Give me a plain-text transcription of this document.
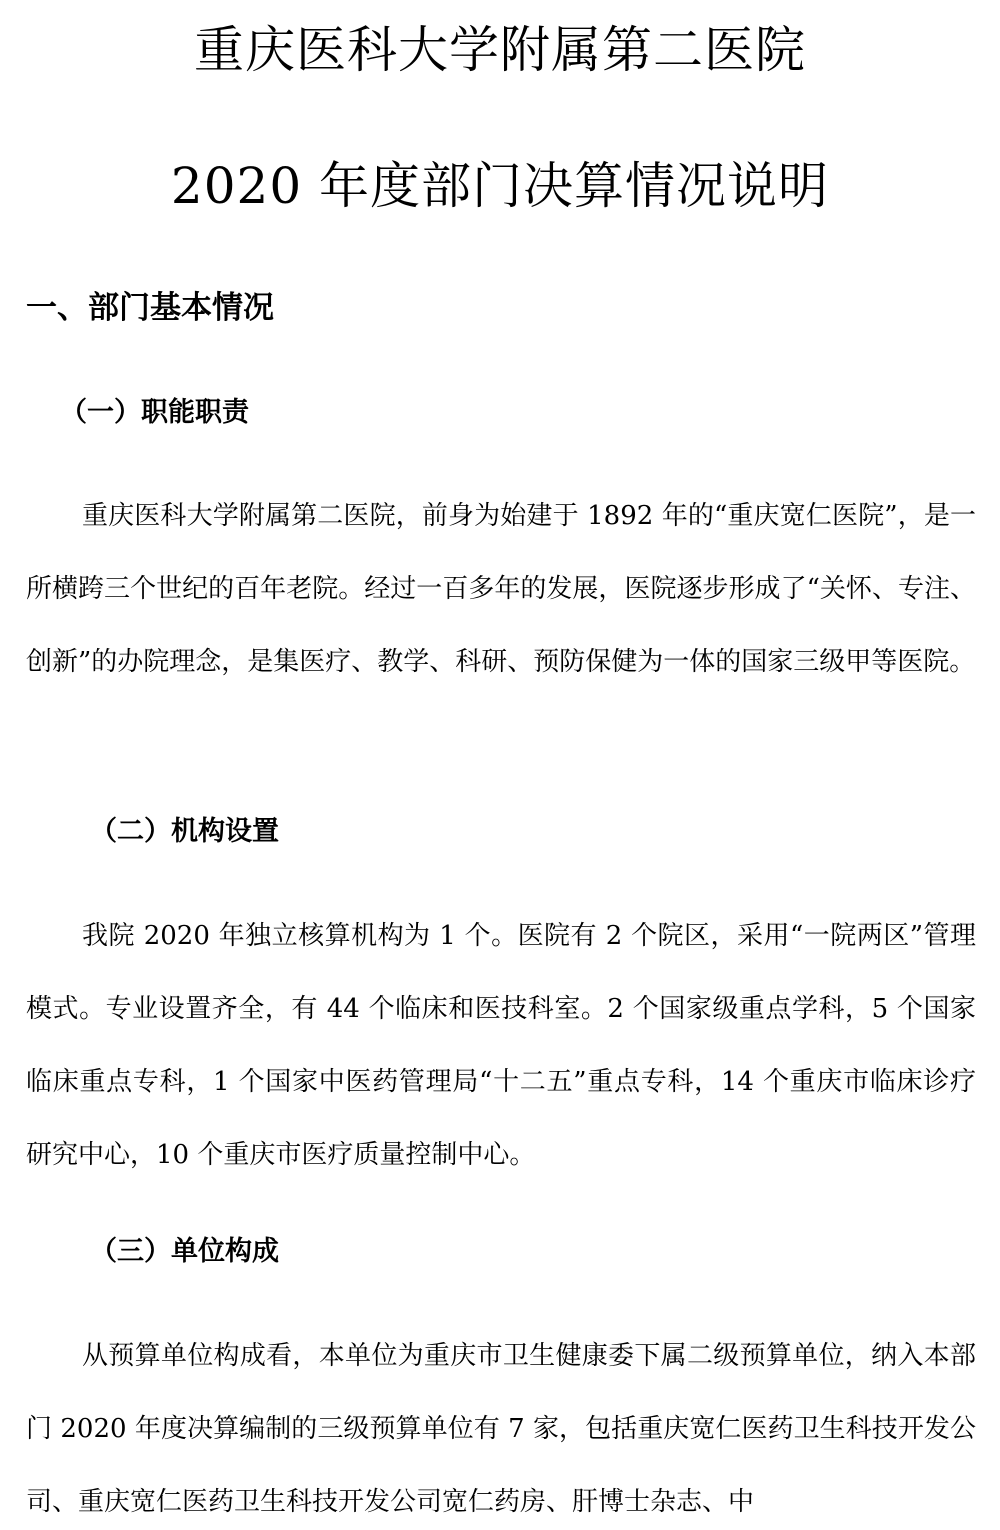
重庆医科大学附属第二医院
2020 年度部门决算情况说明
一、部门基本情况
（一）职能职责
重庆医科大学附属第二医院，前身为始建于 1892 年的“重庆宽仁医院”，是一所横跨三个世纪的百年老院。经过一百多年的发展，医院逐步形成了“关怀、专注、创新”的办院理念，是集医疗、教学、科研、预防保健为一体的国家三级甲等医院。
（二）机构设置
我院 2020 年独立核算机构为 1 个。医院有 2 个院区，采用“一院两区”管理模式。专业设置齐全，有 44 个临床和医技科室。2 个国家级重点学科，5 个国家临床重点专科，1 个国家中医药管理局“十二五”重点专科，14 个重庆市临床诊疗研究中心，10 个重庆市医疗质量控制中心。
（三）单位构成
从预算单位构成看，本单位为重庆市卫生健康委下属二级预算单位，纳入本部门 2020 年度决算编制的三级预算单位有 7 家，包括重庆宽仁医药卫生科技开发公司、重庆宽仁医药卫生科技开发公司宽仁药房、肝博士杂志、中
